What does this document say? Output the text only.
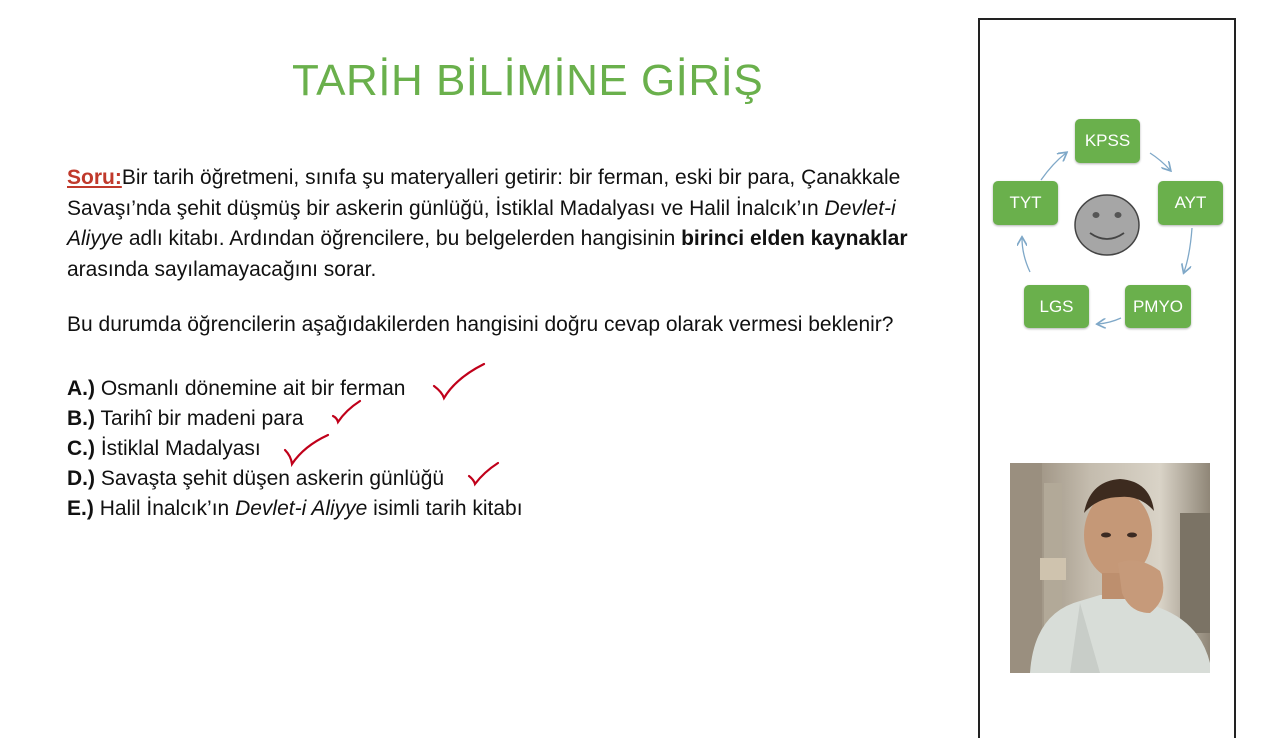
TARİH BİLİMİNE GİRİŞ
Soru:Bir tarih öğretmeni, sınıfa şu materyalleri getirir: bir ferman, eski bir para, Çanakkale Savaşı’nda şehit düşmüş bir askerin günlüğü, İstiklal Madalyası ve Halil İnalcık’ın Devlet-i Aliyye adlı kitabı. Ardından öğrencilere, bu belgelerden hangisinin birinci elden kaynaklar arasında sayılamayacağını sorar.
Bu durumda öğrencilerin aşağıdakilerden hangisini doğru cevap olarak vermesi beklenir?
A.) Osmanlı dönemine ait bir ferman
B.) Tarihî bir madeni para
C.) İstiklal Madalyası
D.) Savaşta şehit düşen askerin günlüğü
E.) Halil İnalcık’ın Devlet-i Aliyye isimli tarih kitabı
KPSS
AYT
PMYO
LGS
TYT
